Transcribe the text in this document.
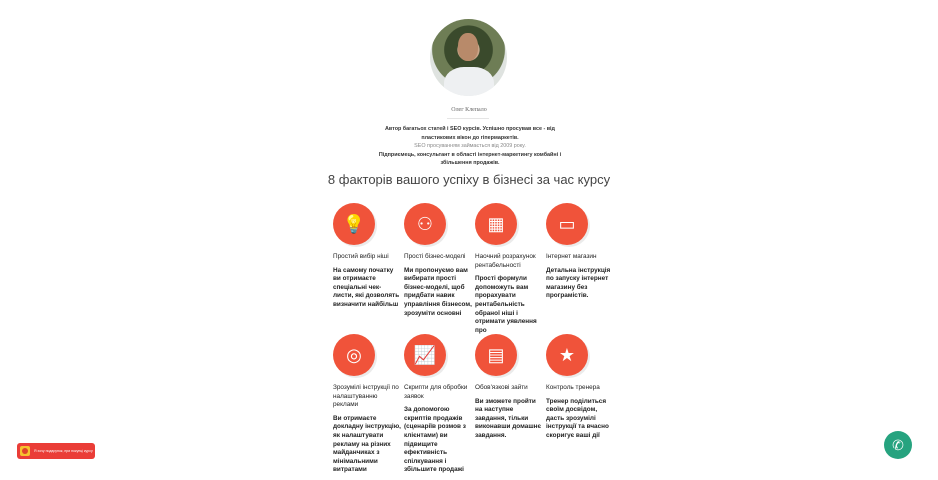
Олег Клепало
Автор багатьох статей і SEO курсів. Успішно просував все - від пластикових вікон до гіпермаркетів.
SEO просуванням займається від 2009 року.
Підприємець, консультант в області інтернет-маркетингу комбайні і збільшення продажів.
8 факторів вашого успіху в бізнесі за час курсу
💡
Простий вибір ніші
На самому початку ви отримаєте спеціальні чек-листи, які дозволять визначити найбільш
⚇
Прості бізнес-моделі
Ми пропонуємо вам вибирати прості бізнес-моделі, щоб придбати навик управління бізнесом, зрозуміти основні
▦
Наочний розрахунок рентабельності
Прості формули допоможуть вам прорахувати рентабельність обраної ніші і отримати уявлення про
▭
Інтернет магазин
Детальна інструкція по запуску інтернет магазину без програмістів.
◎
Зрозумілі інструкції по налаштуванню реклами
Ви отримаєте докладну інструкцію, як налаштувати рекламу на різних майданчиках з мінімальними витратами
📈
Скрипти для обробки заявок
За допомогою скриптів продажів (сценаріїв розмов з клієнтами) ви підвищите ефективність спілкування і збільшите продажі
▤
Обов'язкові зaйти
Ви зможете пройти на наступне завдання, тільки виконавши домашнє завдання.
★
Контроль тренера
Тренер поділиться своїм досвідом, дасть зрозумілі інструкції та вчасно скоригує ваші дії
Я хочу подарунок, при покупці курсу	✆
